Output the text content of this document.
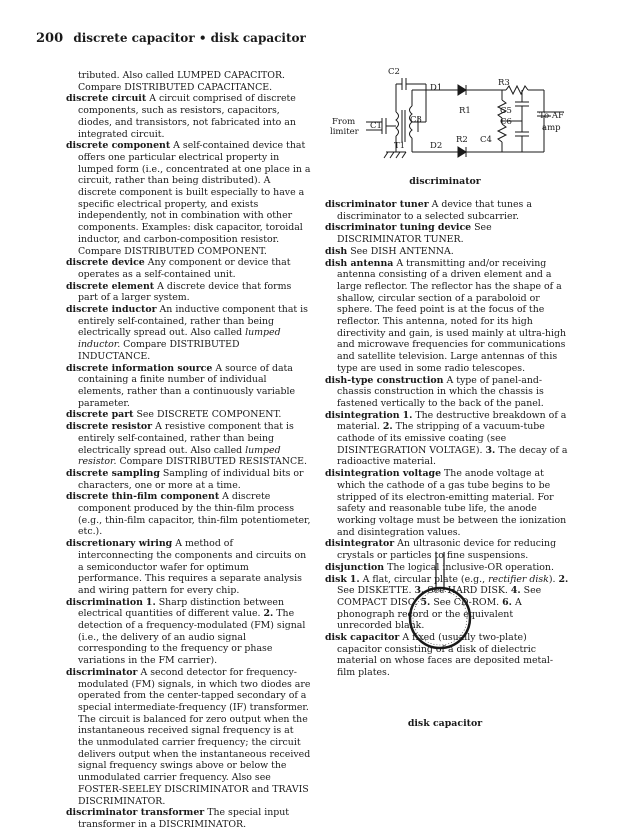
200 discrete capacitor • disk capacitor

tributed. Also called LUMPED CAPACITOR. Compare DISTRIBUTED CAPACITANCE.

discrete circuit A circuit comprised of discrete components, such as resistors, capacitors, diodes, and transistors, not fabricated into an integrated circuit.

discrete component A self-contained device that offers one particular electrical property in lumped form (i.e., concentrated at one place in a circuit, rather than being distributed). A discrete component is built especially to have a specific electrical property, and exists independently, not in combination with other components. Examples: disk capacitor, toroidal inductor, and carbon-composition resistor. Compare DISTRIBUTED COMPONENT.

discrete device Any component or device that operates as a self-contained unit.

discrete element A discrete device that forms part of a larger system.

discrete inductor An inductive component that is entirely self-contained, rather than being electrically spread out. Also called lumped inductor. Compare DISTRIBUTED INDUCTANCE.

discrete information source A source of data containing a finite number of individual elements, rather than a continuously variable parameter.

discrete part See DISCRETE COMPONENT.

discrete resistor A resistive component that is entirely self-contained, rather than being electrically spread out. Also called lumped resistor. Compare DISTRIBUTED RESISTANCE.

discrete sampling Sampling of individual bits or characters, one or more at a time.

discrete thin-film component A discrete component produced by the thin-film process (e.g., thin-film capacitor, thin-film potentiometer, etc.).

discretionary wiring A method of interconnecting the components and circuits on a semiconductor wafer for optimum performance. This requires a separate analysis and wiring pattern for every chip.

discrimination 1. Sharp distinction between electrical quantities of different value. 2. The detection of a frequency-modulated (FM) signal (i.e., the delivery of an audio signal corresponding to the frequency or phase variations in the FM carrier).

discriminator A second detector for frequency-modulated (FM) signals, in which two diodes are operated from the center-tapped secondary of a special intermediate-frequency (IF) transformer. The circuit is balanced for zero output when the instantaneous received signal frequency is at the unmodulated carrier frequency; the circuit delivers output when the instantaneous received signal frequency swings above or below the unmodulated carrier frequency. Also see FOSTER-SEELEY DISCRIMINATOR and TRAVIS DISCRIMINATOR.

discriminator transformer The special input transformer in a DISCRIMINATOR.

C2
D1	R3
R1	C5	To AF
amp
From
limiter
C1
C3	C6
T1
R2 C4
D2
discriminator

discriminator tuner A device that tunes a discriminator to a selected subcarrier.

discriminator tuning device See DISCRIMINATOR TUNER.

dish See DISH ANTENNA.

dish antenna A transmitting and/or receiving antenna consisting of a driven element and a large reflector. The reflector has the shape of a shallow, circular section of a paraboloid or sphere. The feed point is at the focus of the reflector. This antenna, noted for its high directivity and gain, is used mainly at ultra-high and microwave frequencies for communications and satellite television. Large antennas of this type are used in some radio telescopes.

dish-type construction A type of panel-and-chassis construction in which the chassis is fastened vertically to the back of the panel.

disintegration 1. The destructive breakdown of a material. 2. The stripping of a vacuum-tube cathode of its emissive coating (see DISINTEGRATION VOLTAGE). 3. The decay of a radioactive material.

disintegration voltage The anode voltage at which the cathode of a gas tube begins to be stripped of its electron-emitting material. For safety and reasonable tube life, the anode working voltage must be between the ionization and disintegration values.

disintegrator An ultrasonic device for reducing crystals or particles to fine suspensions.

disjunction The logical inclusive-OR operation.

disk 1. A flat, circular plate (e.g., rectifier disk). 2. See DISKETTE. 3. See HARD DISK. 4. See COMPACT DISC. 5. See CD-ROM. 6. A phonograph record or the equivalent unrecorded blank.

disk capacitor A fixed (usually two-plate) capacitor consisting of a disk of dielectric material on whose faces are deposited metal-film plates.

disk capacitor
